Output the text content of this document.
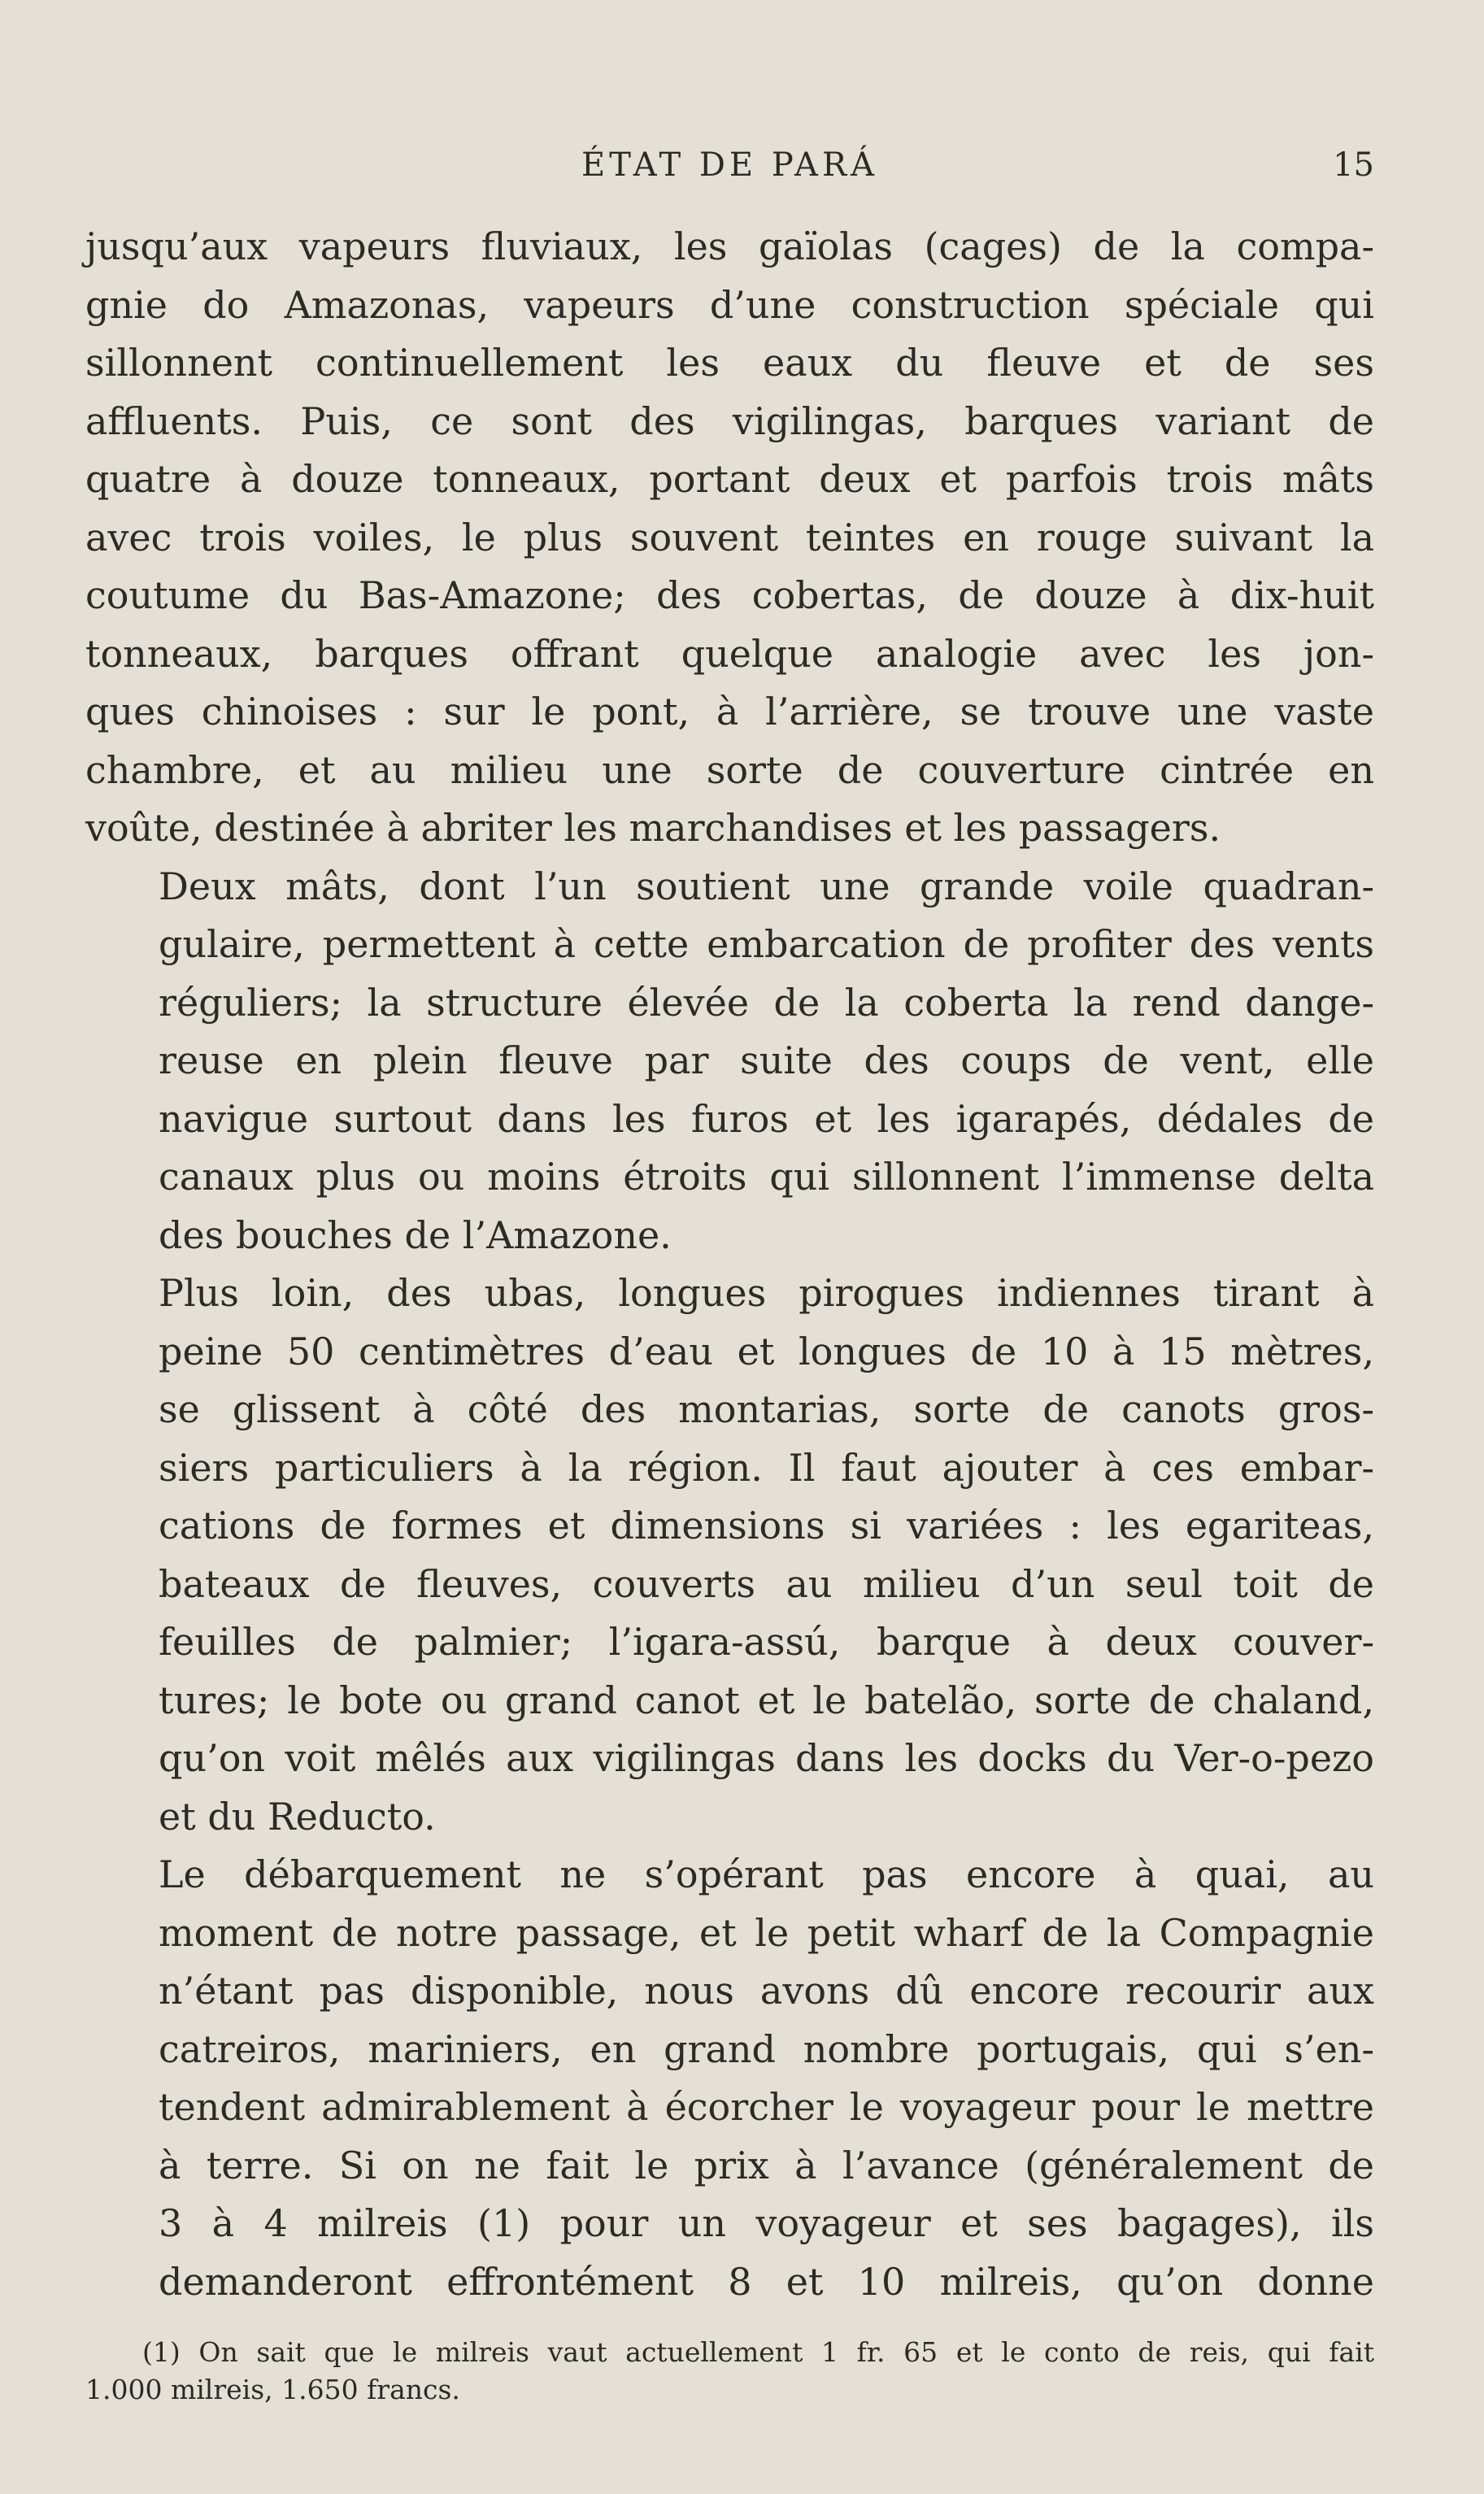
ÉTAT DE PARÁ	15

jusqu’aux vapeurs fluviaux, les gaïolas (cages) de la compa-
gnie do Amazonas, vapeurs d’une construction spéciale qui
sillonnent continuellement les eaux du fleuve et de ses
affluents. Puis, ce sont des vigilingas, barques variant de
quatre à douze tonneaux, portant deux et parfois trois mâts
avec trois voiles, le plus souvent teintes en rouge suivant la
coutume du Bas-Amazone; des cobertas, de douze à dix-huit
tonneaux, barques offrant quelque analogie avec les jon-
ques chinoises : sur le pont, à l’arrière, se trouve une vaste
chambre, et au milieu une sorte de couverture cintrée en
voûte, destinée à abriter les marchandises et les passagers.

Deux mâts, dont l’un soutient une grande voile quadran-
gulaire, permettent à cette embarcation de profiter des vents
réguliers; la structure élevée de la coberta la rend dange-
reuse en plein fleuve par suite des coups de vent, elle
navigue surtout dans les furos et les igarapés, dédales de
canaux plus ou moins étroits qui sillonnent l’immense delta
des bouches de l’Amazone.

Plus loin, des ubas, longues pirogues indiennes tirant à
peine 50 centimètres d’eau et longues de 10 à 15 mètres,
se glissent à côté des montarias, sorte de canots gros-
siers particuliers à la région. Il faut ajouter à ces embar-
cations de formes et dimensions si variées : les egariteas,
bateaux de fleuves, couverts au milieu d’un seul toit de
feuilles de palmier; l’igara-assú, barque à deux couver-
tures; le bote ou grand canot et le batelão, sorte de chaland,
qu’on voit mêlés aux vigilingas dans les docks du Ver-o-pezo
et du Reducto.

Le débarquement ne s’opérant pas encore à quai, au
moment de notre passage, et le petit wharf de la Compagnie
n’étant pas disponible, nous avons dû encore recourir aux
catreiros, mariniers, en grand nombre portugais, qui s’en-
tendent admirablement à écorcher le voyageur pour le mettre
à terre. Si on ne fait le prix à l’avance (généralement de
3 à 4 milreis (1) pour un voyageur et ses bagages), ils
demanderont effrontément 8 et 10 milreis, qu’on donne

(1) On sait que le milreis vaut actuellement 1 fr. 65 et le conto de reis, qui fait
1.000 milreis, 1.650 francs.
